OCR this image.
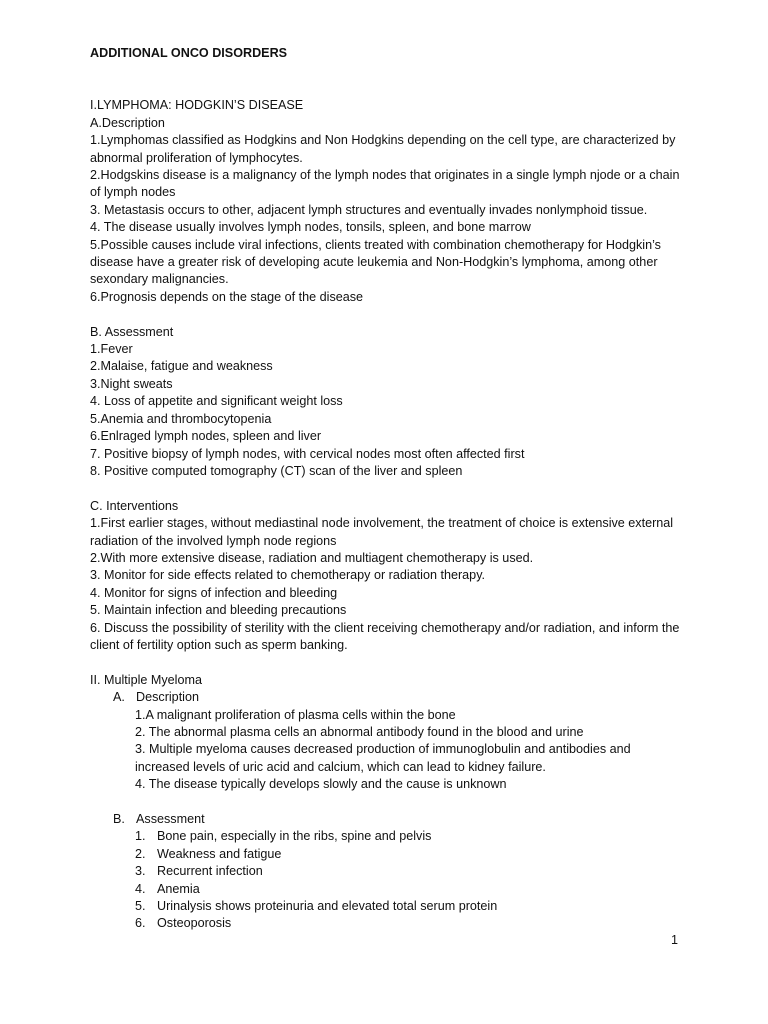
ADDITIONAL ONCO DISORDERS

I.LYMPHOMA: HODGKIN’S DISEASE

A.Description

1.Lymphomas classified as Hodgkins and Non Hodgkins depending on the cell type, are characterized by abnormal proliferation of lymphocytes.

2.Hodgskins disease is a malignancy of the lymph nodes that originates in a single lymph njode or a chain of lymph nodes

3. Metastasis occurs to other, adjacent lymph structures and eventually invades nonlymphoid tissue.

4. The disease usually involves lymph nodes, tonsils, spleen, and bone marrow

5.Possible causes include viral infections, clients treated with combination chemotherapy for Hodgkin’s disease have a greater risk of developing acute leukemia and Non-Hodgkin’s lymphoma, among other sexondary malignancies.

6.Prognosis depends on the stage of the disease

B. Assessment

1.Fever

2.Malaise, fatigue and weakness

3.Night sweats

4. Loss of appetite and significant weight loss

5.Anemia and thrombocytopenia

6.Enlraged lymph nodes, spleen and liver

7. Positive biopsy of lymph nodes, with cervical nodes most often affected first

8. Positive computed tomography (CT) scan of the liver and spleen

C. Interventions

1.First earlier stages, without mediastinal node involvement, the treatment of choice is extensive external radiation of the involved lymph node regions

2.With more extensive disease, radiation and multiagent chemotherapy is used.

3. Monitor for side effects related to chemotherapy or radiation therapy.

4. Monitor for signs of infection and bleeding

5. Maintain infection and bleeding precautions

6. Discuss the possibility of sterility with the client receiving chemotherapy and/or radiation, and inform the client of fertility option such as sperm banking.

II. Multiple Myeloma

A. Description

1.A malignant proliferation of plasma cells within the bone

2. The abnormal plasma cells an abnormal antibody found in the blood and urine

3. Multiple myeloma causes decreased production of immunoglobulin and antibodies and increased levels of uric acid and calcium, which can lead to kidney failure.

4. The disease typically develops slowly and the cause is unknown

B. Assessment
1. Bone pain, especially in the ribs, spine and pelvis
2. Weakness and fatigue
3. Recurrent infection
4. Anemia
5. Urinalysis shows proteinuria and elevated total serum protein
6. Osteoporosis
1
